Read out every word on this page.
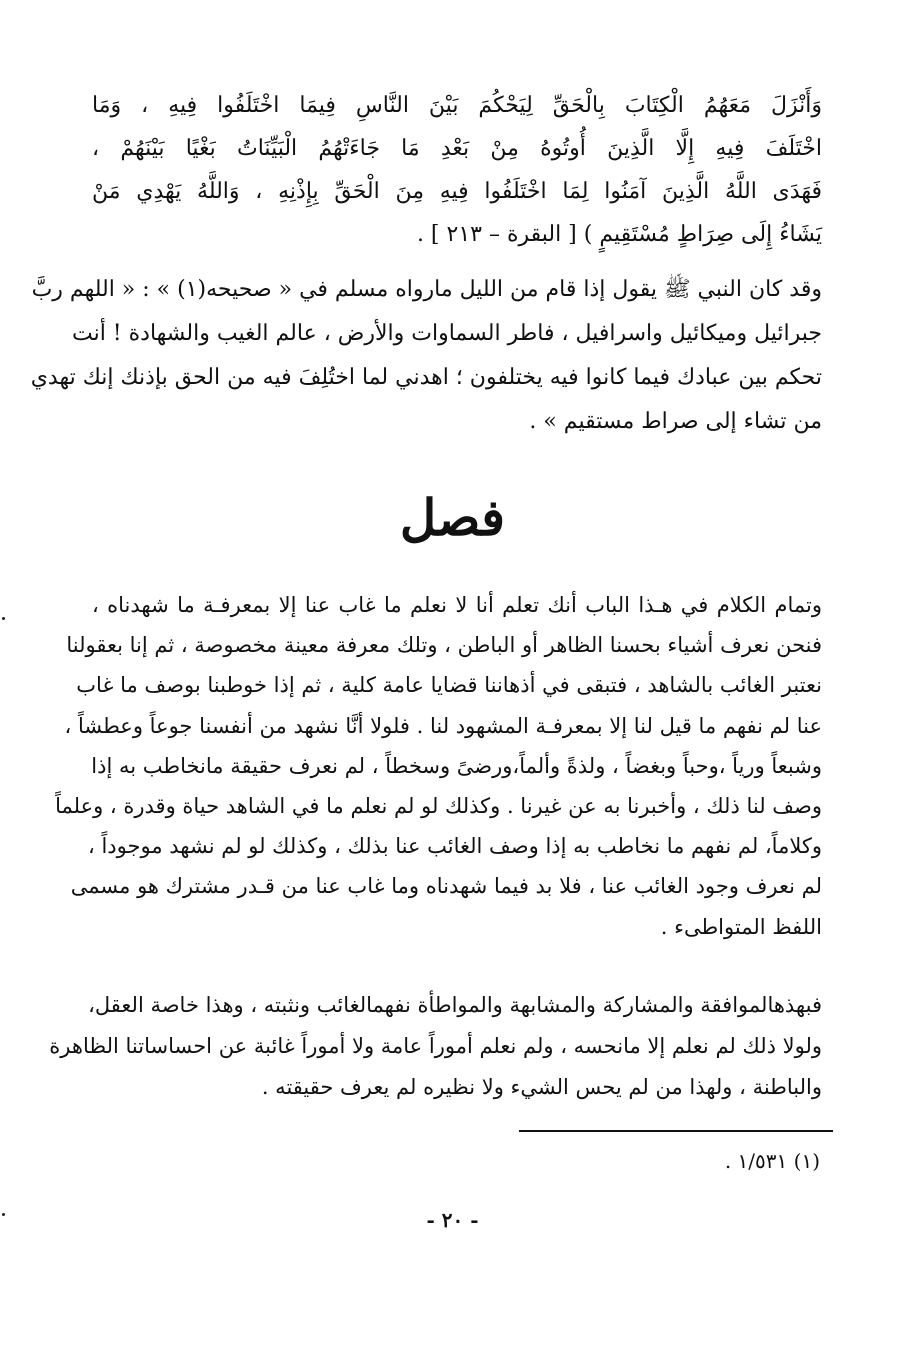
وَأَنْزَلَ مَعَهُمُ الْكِتَابَ بِالْحَقِّ لِيَحْكُمَ بَيْنَ النَّاسِ فِيمَا اخْتَلَفُوا فِيهِ ، وَمَا
اخْتَلَفَ فِيهِ إِلَّا الَّذِينَ أُوتُوهُ مِنْ بَعْدِ مَا جَاءَتْهُمُ الْبَيِّنَاتُ بَغْيًا بَيْنَهُمْ ،
فَهَدَى اللَّهُ الَّذِينَ آمَنُوا لِمَا اخْتَلَفُوا فِيهِ مِنَ الْحَقِّ بِإِذْنِهِ ، وَاللَّهُ يَهْدِي مَنْ
يَشَاءُ إِلَى صِرَاطٍ مُسْتَقِيمٍ ) [ البقرة – ٢١٣ ] .
وقد كان النبي ﷺ يقول إذا قام من الليل مارواه مسلم في « صحيحه(١) » : « اللهم ربَّ
جبرائيل وميكائيل واسرافيل ، فاطر السماوات والأرض ، عالم الغيب والشهادة ! أنت
تحكم بين عبادك فيما كانوا فيه يختلفون ؛ اهدني لما اختُلِفَ فيه من الحق بإذنك إنك تهدي
من تشاء إلى صراط مستقيم » .
فصل
وتمام الكلام في هـذا الباب أنك تعلم أنا لا نعلم ما غاب عنا إلا بمعرفـة ما شهدناه ،
فنحن نعرف أشياء بحسنا الظاهر أو الباطن ، وتلك معرفة معينة مخصوصة ، ثم إنا بعقولنا
نعتبر الغائب بالشاهد ، فتبقى في أذهاننا قضايا عامة كلية ، ثم إذا خوطبنا بوصف ما غاب
عنا لم نفهم ما قيل لنا إلا بمعرفـة المشهود لنا . فلولا أنَّا نشهد من أنفسنا جوعاً وعطشاً ،
وشبعاً ورياً ،وحباً وبغضاً ، ولذةً وألماً،ورضىً وسخطاً ، لم نعرف حقيقة مانخاطب به إذا
وصف لنا ذلك ، وأخبرنا به عن غيرنا . وكذلك لو لم نعلم ما في الشاهد حياة وقدرة ، وعلماً
وكلاماً، لم نفهم ما نخاطب به إذا وصف الغائب عنا بذلك ، وكذلك لو لم نشهد موجوداً ،
لم نعرف وجود الغائب عنا ، فلا بد فيما شهدناه وما غاب عنا من قـدر مشترك هو مسمى
اللفظ المتواطىء .
فبهذهالموافقة والمشاركة والمشابهة والمواطأة نفهمالغائب ونثبته ، وهذا خاصة العقل،
ولولا ذلك لم نعلم إلا مانحسه ، ولم نعلم أموراً عامة ولا أموراً غائبة عن احساساتنا الظاهرة
والباطنة ، ولهذا من لم يحس الشيء ولا نظيره لم يعرف حقيقته .
(١) ١/٥٣١ .
- ٢٠ -
